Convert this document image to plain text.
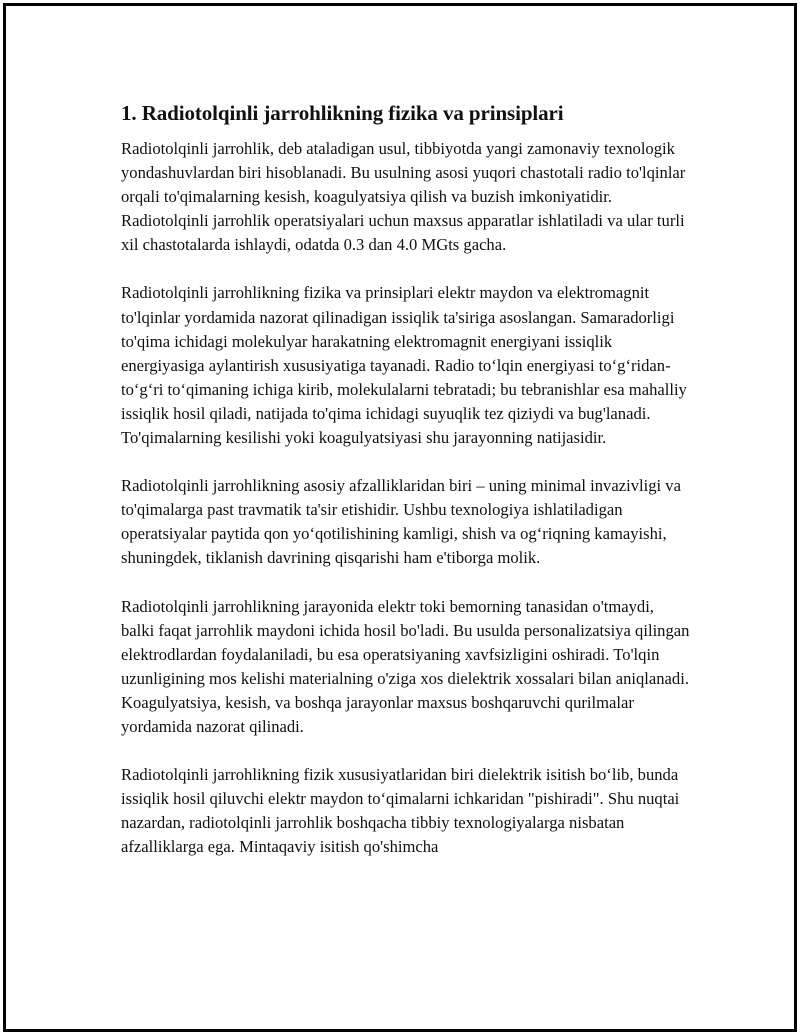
1. Radiotolqinli jarrohlikning fizika va prinsiplari

Radiotolqinli jarrohlik, deb ataladigan usul, tibbiyotda yangi zamonaviy texnologik yondashuvlardan biri hisoblanadi. Bu usulning asosi yuqori chastotali radio to'lqinlar orqali to'qimalarning kesish, koagulyatsiya qilish va buzish imkoniyatidir. Radiotolqinli jarrohlik operatsiyalari uchun maxsus apparatlar ishlatiladi va ular turli xil chastotalarda ishlaydi, odatda 0.3 dan 4.0 MGts gacha.

Radiotolqinli jarrohlikning fizika va prinsiplari elektr maydon va elektromagnit to'lqinlar yordamida nazorat qilinadigan issiqlik ta'siriga asoslangan. Samaradorligi to'qima ichidagi molekulyar harakatning elektromagnit energiyani issiqlik energiyasiga aylantirish xususiyatiga tayanadi. Radio to‘lqin energiyasi to‘g‘ridan-to‘g‘ri to‘qimaning ichiga kirib, molekulalarni tebratadi; bu tebranishlar esa mahalliy issiqlik hosil qiladi, natijada to'qima ichidagi suyuqlik tez qiziydi va bug'lanadi. To'qimalarning kesilishi yoki koagulyatsiyasi shu jarayonning natijasidir.

Radiotolqinli jarrohlikning asosiy afzalliklaridan biri – uning minimal invazivligi va to'qimalarga past travmatik ta'sir etishidir. Ushbu texnologiya ishlatiladigan operatsiyalar paytida qon yo‘qotilishining kamligi, shish va og‘riqning kamayishi, shuningdek, tiklanish davrining qisqarishi ham e'tiborga molik.

Radiotolqinli jarrohlikning jarayonida elektr toki bemorning tanasidan o'tmaydi, balki faqat jarrohlik maydoni ichida hosil bo'ladi. Bu usulda personalizatsiya qilingan elektrodlardan foydalaniladi, bu esa operatsiyaning xavfsizligini oshiradi. To'lqin uzunligining mos kelishi materialning o'ziga xos dielektrik xossalari bilan aniqlanadi. Koagulyatsiya, kesish, va boshqa jarayonlar maxsus boshqaruvchi qurilmalar yordamida nazorat qilinadi.

Radiotolqinli jarrohlikning fizik xususiyatlaridan biri dielektrik isitish bo‘lib, bunda issiqlik hosil qiluvchi elektr maydon to‘qimalarni ichkaridan "pishiradi". Shu nuqtai nazardan, radiotolqinli jarrohlik boshqacha tibbiy texnologiyalarga nisbatan afzalliklarga ega. Mintaqaviy isitish qo'shimcha
